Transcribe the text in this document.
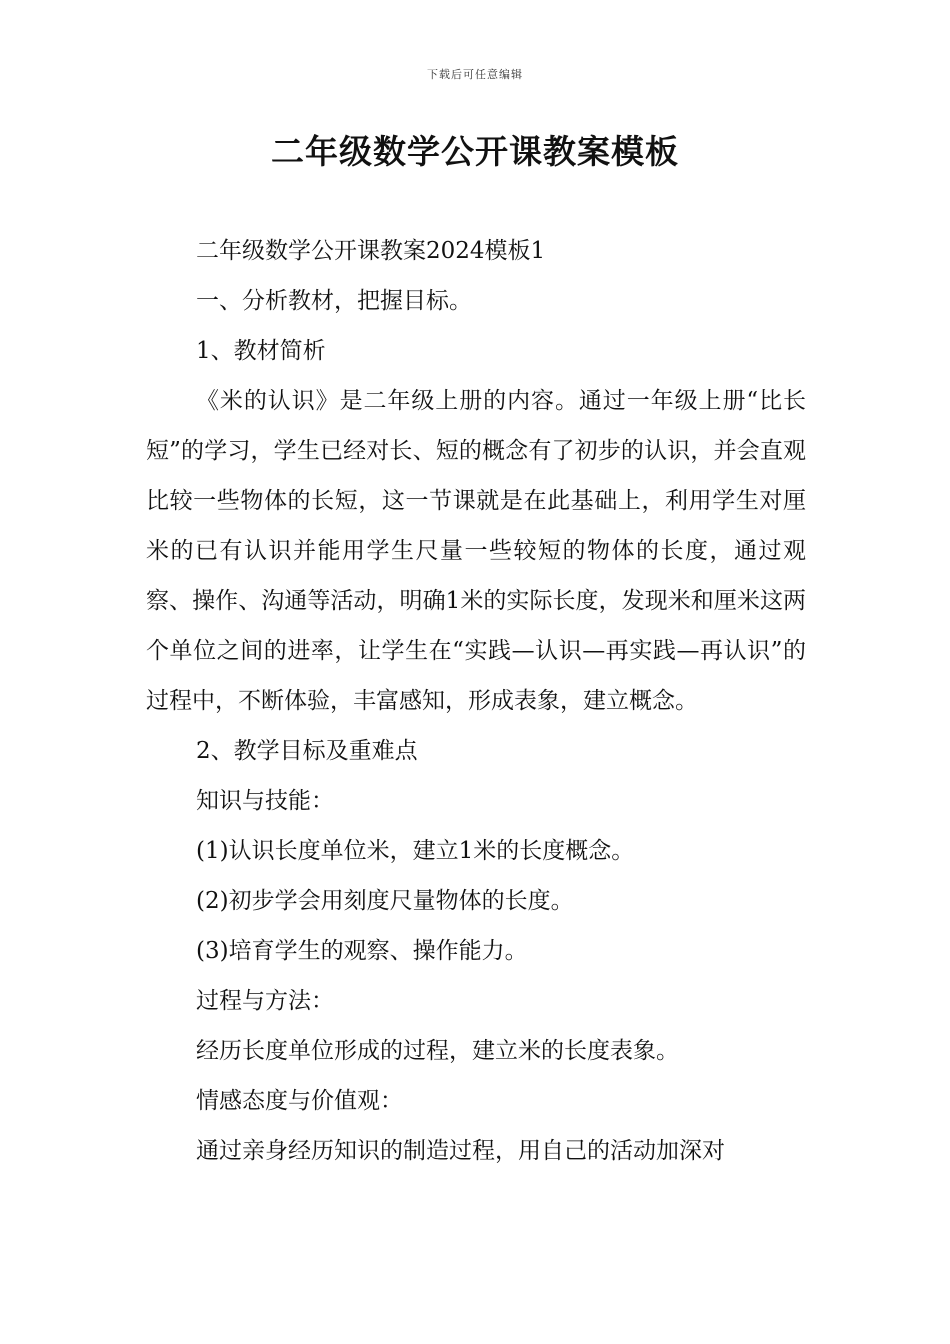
下载后可任意编辑
二年级数学公开课教案模板

二年级数学公开课教案2024模板1

一、分析教材，把握目标。

1、教材简析

《米的认识》是二年级上册的内容。通过一年级上册“比长短”的学习，学生已经对长、短的概念有了初步的认识，并会直观比较一些物体的长短，这一节课就是在此基础上，利用学生对厘米的已有认识并能用学生尺量一些较短的物体的长度，通过观察、操作、沟通等活动，明确1米的实际长度，发现米和厘米这两个单位之间的进率，让学生在“实践—认识—再实践—再认识”的过程中，不断体验，丰富感知，形成表象，建立概念。

2、教学目标及重难点

知识与技能：

(1)认识长度单位米，建立1米的长度概念。

(2)初步学会用刻度尺量物体的长度。

(3)培育学生的观察、操作能力。

过程与方法：

经历长度单位形成的过程，建立米的长度表象。

情感态度与价值观：

通过亲身经历知识的制造过程，用自己的活动加深对
